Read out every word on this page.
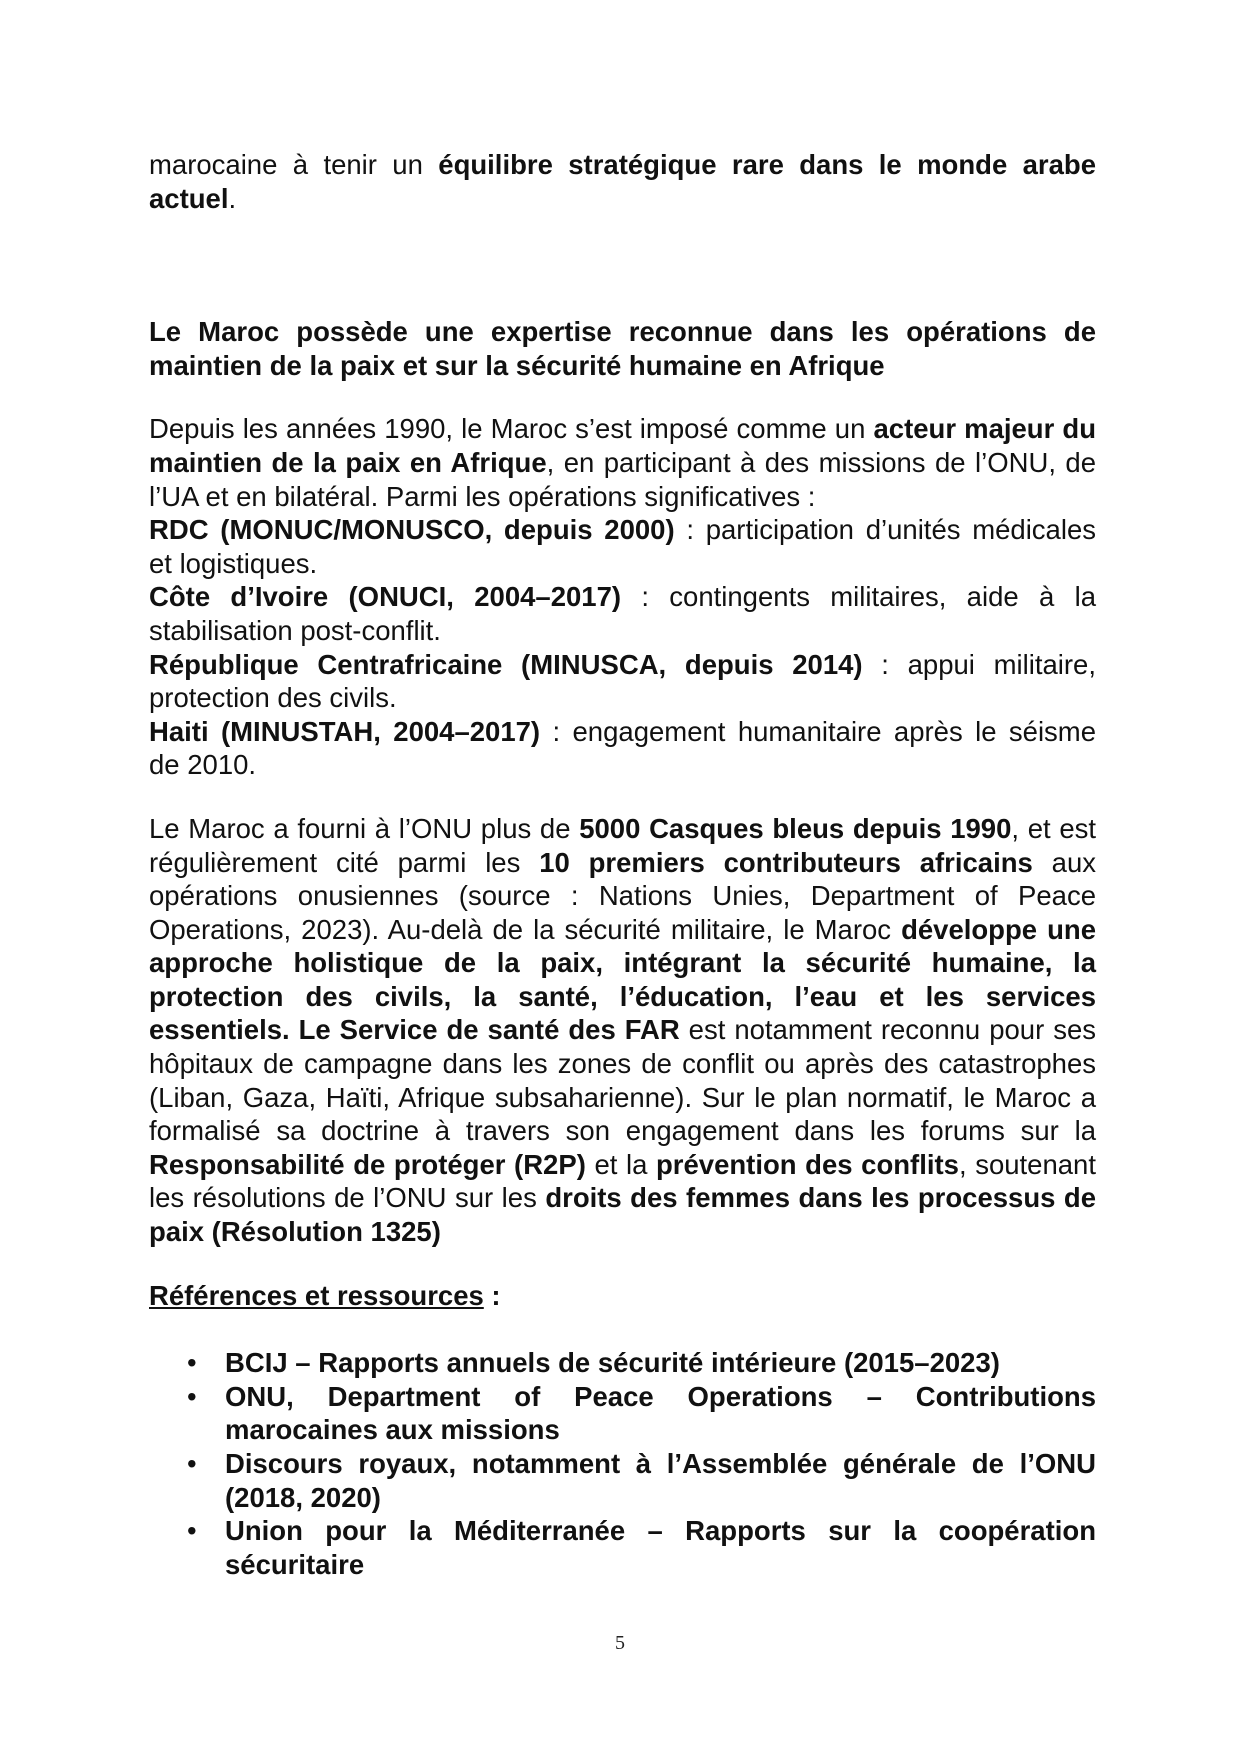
marocaine à tenir un équilibre stratégique rare dans le monde arabe actuel.

Le Maroc possède une expertise reconnue dans les opérations de maintien de la paix et sur la sécurité humaine en Afrique

Depuis les années 1990, le Maroc s’est imposé comme un acteur majeur du maintien de la paix en Afrique, en participant à des missions de l’ONU, de l’UA et en bilatéral. Parmi les opérations significatives :

RDC (MONUC/MONUSCO, depuis 2000) : participation d’unités médicales et logistiques.

Côte d’Ivoire (ONUCI, 2004–2017) : contingents militaires, aide à la stabilisation post-conflit.

République Centrafricaine (MINUSCA, depuis 2014) : appui militaire, protection des civils.

Haiti (MINUSTAH, 2004–2017) : engagement humanitaire après le séisme de 2010.

Le Maroc a fourni à l’ONU plus de 5000 Casques bleus depuis 1990, et est régulièrement cité parmi les 10 premiers contributeurs africains aux opérations onusiennes (source : Nations Unies, Department of Peace Operations, 2023). Au-delà de la sécurité militaire, le Maroc développe une approche holistique de la paix, intégrant la sécurité humaine, la protection des civils, la santé, l’éducation, l’eau et les services essentiels. Le Service de santé des FAR est notamment reconnu pour ses hôpitaux de campagne dans les zones de conflit ou après des catastrophes (Liban, Gaza, Haïti, Afrique subsaharienne). Sur le plan normatif, le Maroc a formalisé sa doctrine à travers son engagement dans les forums sur la Responsabilité de protéger (R2P) et la prévention des conflits, soutenant les résolutions de l’ONU sur les droits des femmes dans les processus de paix (Résolution 1325)

Références et ressources :

• BCIJ – Rapports annuels de sécurité intérieure (2015–2023)
• ONU, Department of Peace Operations – Contributions marocaines aux missions
• Discours royaux, notamment à l’Assemblée générale de l’ONU (2018, 2020)
• Union pour la Méditerranée – Rapports sur la coopération sécuritaire
5
